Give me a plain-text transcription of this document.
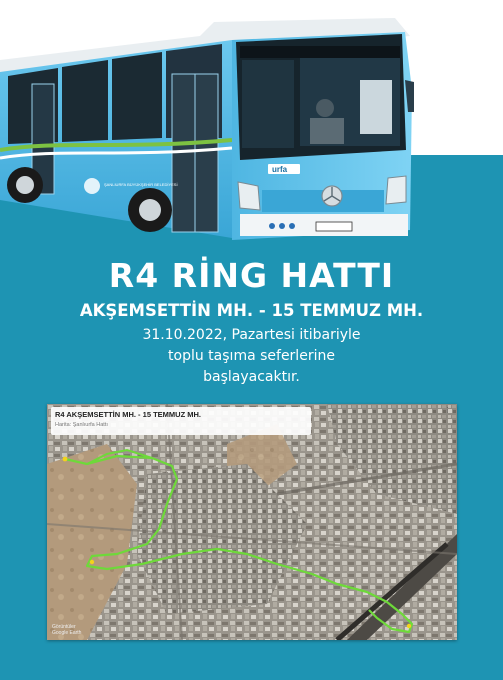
ŞANLIURFA BÜYÜKŞEHİR BELEDİYESİ
urfa
R4 RİNG HATTI
AKŞEMSETTİN MH. - 15 TEMMUZ MH.
31.10.2022, Pazartesi itibariyle
toplu taşıma seferlerine
başlayacaktır.
R4 AKŞEMSETTİN MH. - 15 TEMMUZ MH.
Harita: Şanlıurfa Hattı
⋮
Görüntüler
Google Earth
